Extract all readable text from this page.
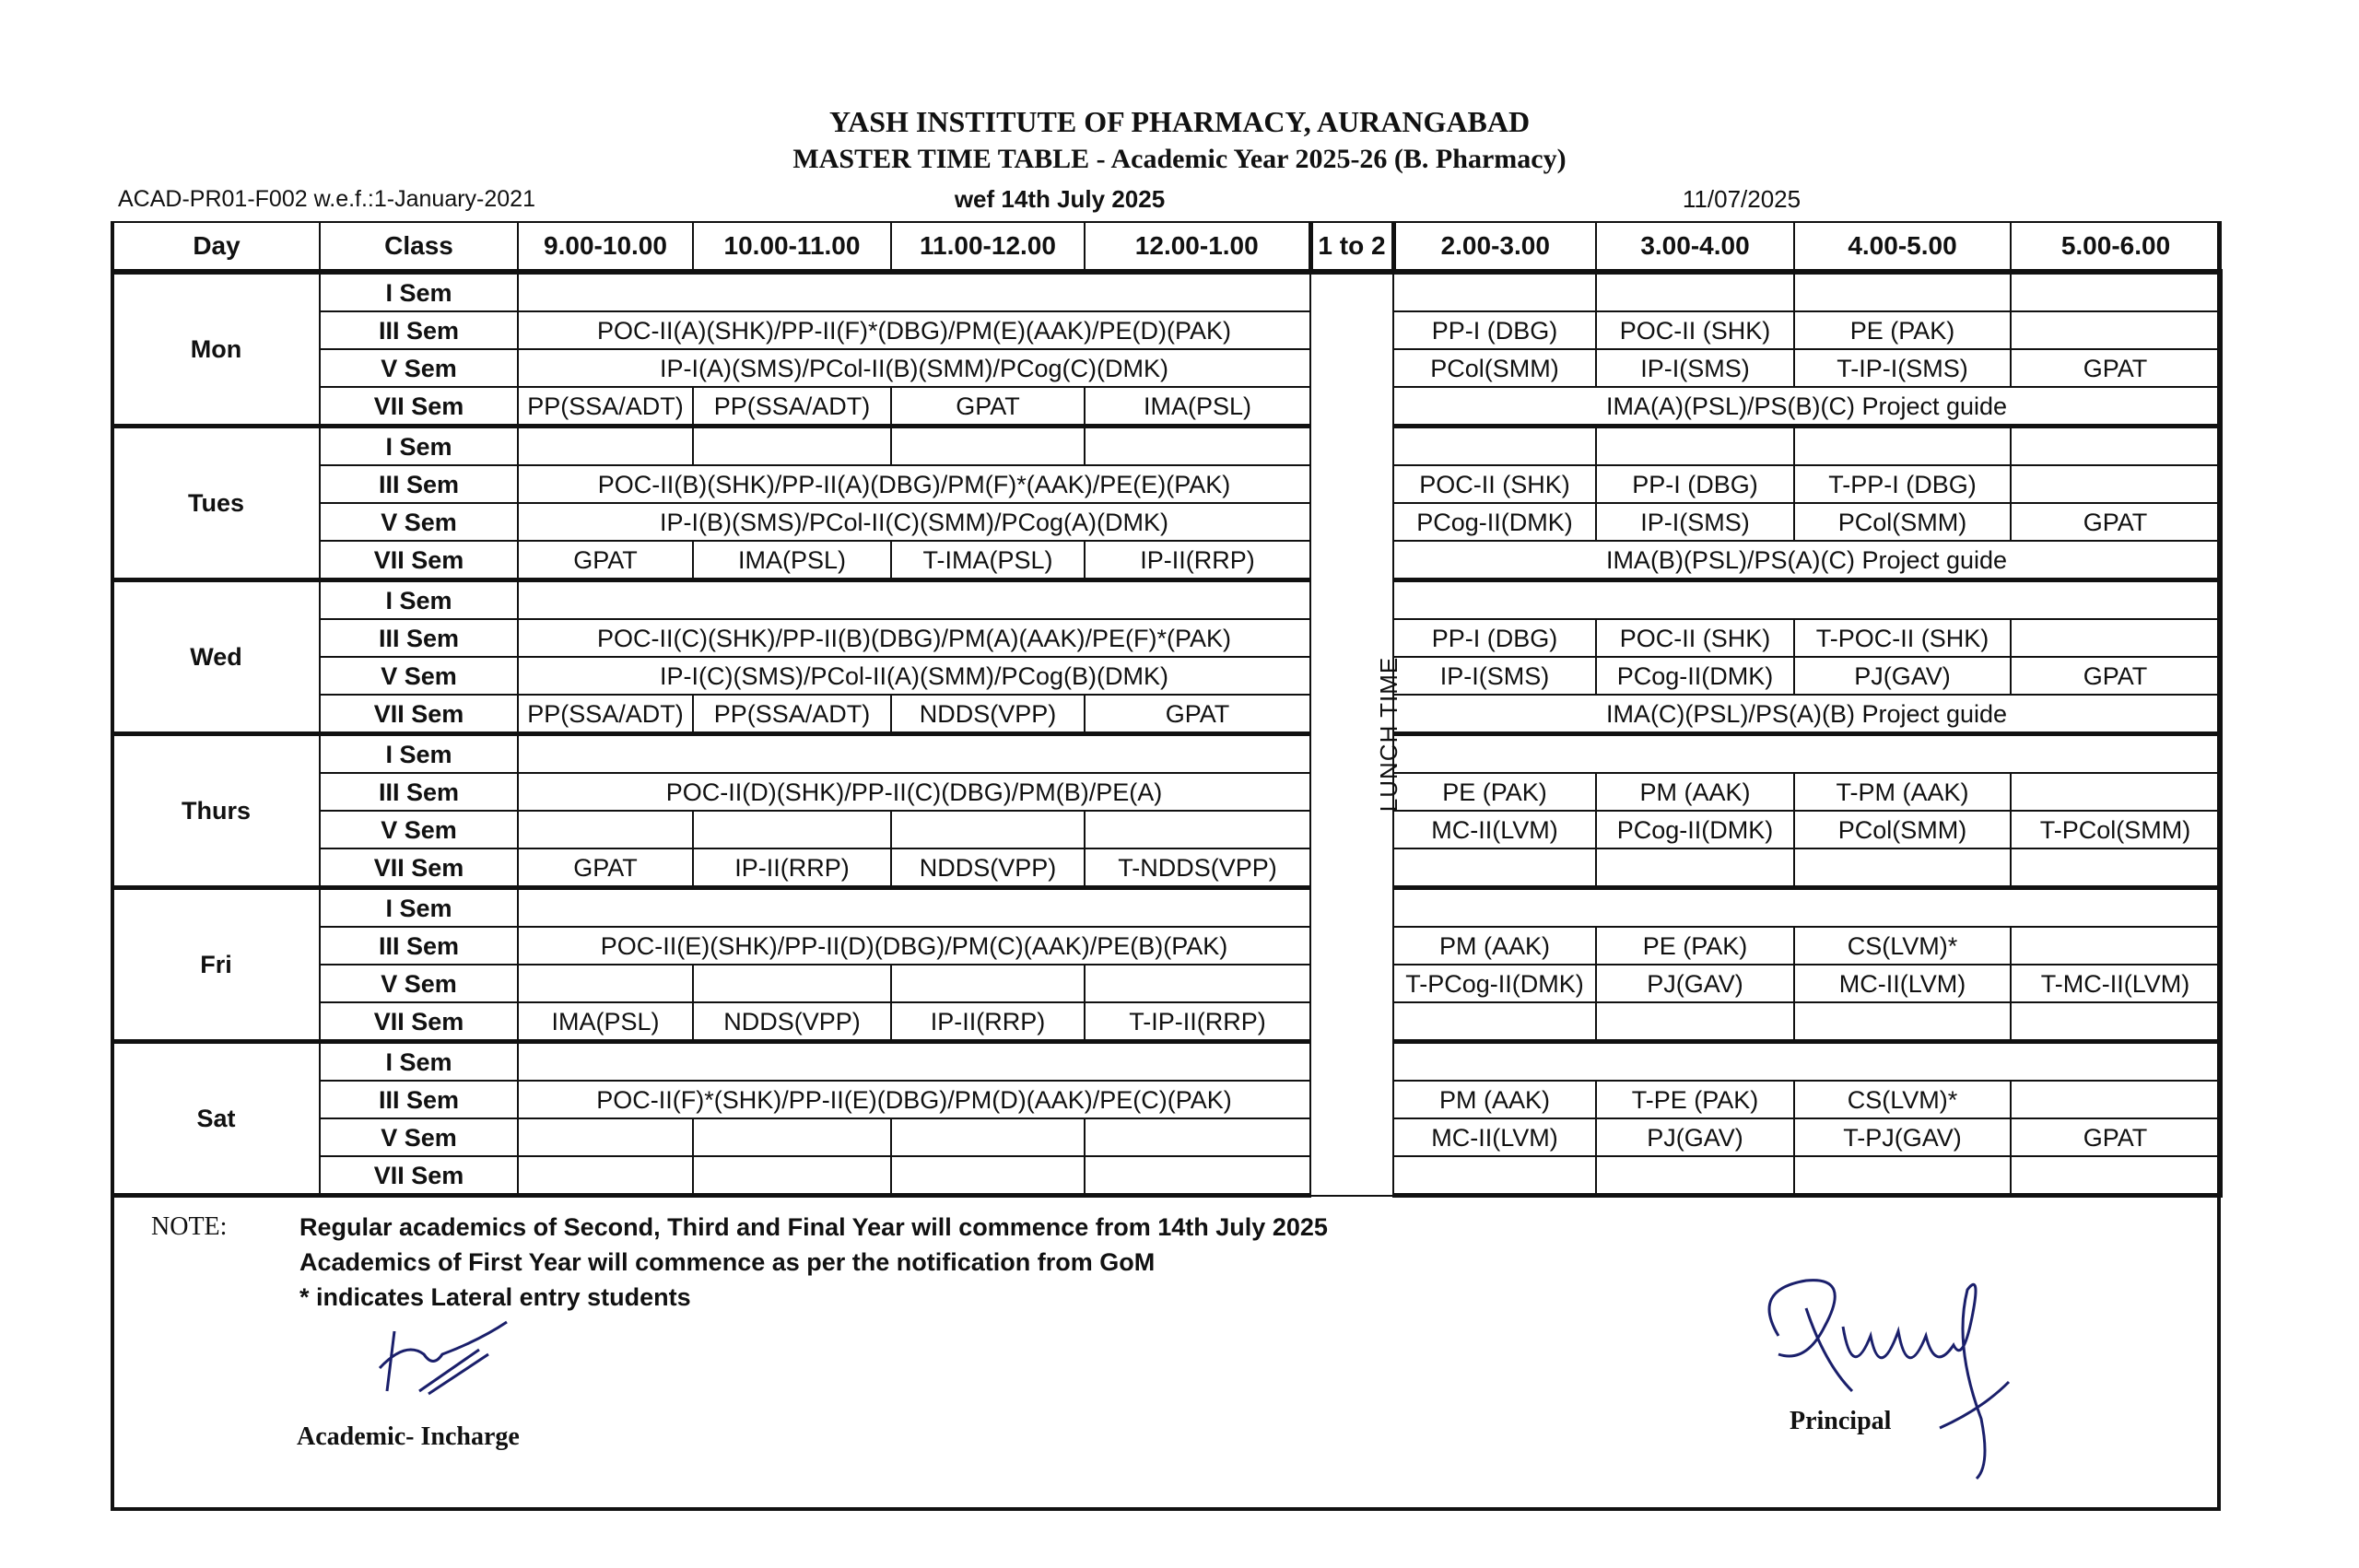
YASH INSTITUTE OF PHARMACY, AURANGABAD
MASTER TIME TABLE - Academic Year 2025-26 (B. Pharmacy)
ACAD-PR01-F002 w.e.f.:1-January-2021	wef 14th July 2025	11/07/2025
Day	Class	9.00-10.00	10.00-11.00	11.00-12.00	12.00-1.00	1 to 2	2.00-3.00	3.00-4.00	4.00-5.00	5.00-6.00
Mon	I Sem					LUNCH TIME				
	III Sem	POC-II(A)(SHK)/PP-II(F)*(DBG)/PM(E)(AAK)/PE(D)(PAK)					PP-I (DBG)	POC-II (SHK)	PE (PAK)	
	V Sem	IP-I(A)(SMS)/PCol-II(B)(SMM)/PCog(C)(DMK)					PCol(SMM)	IP-I(SMS)	T-IP-I(SMS)	GPAT
	VII Sem	PP(SSA/ADT)	PP(SSA/ADT)	GPAT	IMA(PSL)		IMA(A)(PSL)/PS(B)(C) Project guide			
Tues	I Sem									
	III Sem	POC-II(B)(SHK)/PP-II(A)(DBG)/PM(F)*(AAK)/PE(E)(PAK)					POC-II (SHK)	PP-I (DBG)	T-PP-I (DBG)	
	V Sem	IP-I(B)(SMS)/PCol-II(C)(SMM)/PCog(A)(DMK)					PCog-II(DMK)	IP-I(SMS)	PCol(SMM)	GPAT
	VII Sem	GPAT	IMA(PSL)	T-IMA(PSL)	IP-II(RRP)		IMA(B)(PSL)/PS(A)(C) Project guide			
Wed	I Sem									
	III Sem	POC-II(C)(SHK)/PP-II(B)(DBG)/PM(A)(AAK)/PE(F)*(PAK)					PP-I (DBG)	POC-II (SHK)	T-POC-II (SHK)	
	V Sem	IP-I(C)(SMS)/PCol-II(A)(SMM)/PCog(B)(DMK)					IP-I(SMS)	PCog-II(DMK)	PJ(GAV)	GPAT
	VII Sem	PP(SSA/ADT)	PP(SSA/ADT)	NDDS(VPP)	GPAT		IMA(C)(PSL)/PS(A)(B) Project guide			
Thurs	I Sem									
	III Sem	POC-II(D)(SHK)/PP-II(C)(DBG)/PM(B)/PE(A)					PE (PAK)	PM (AAK)	T-PM (AAK)	
	V Sem						MC-II(LVM)	PCog-II(DMK)	PCol(SMM)	T-PCol(SMM)
	VII Sem	GPAT	IP-II(RRP)	NDDS(VPP)	T-NDDS(VPP)					
Fri	I Sem									
	III Sem	POC-II(E)(SHK)/PP-II(D)(DBG)/PM(C)(AAK)/PE(B)(PAK)					PM (AAK)	PE (PAK)	CS(LVM)*	
	V Sem						T-PCog-II(DMK)	PJ(GAV)	MC-II(LVM)	T-MC-II(LVM)
	VII Sem	IMA(PSL)	NDDS(VPP)	IP-II(RRP)	T-IP-II(RRP)					
Sat	I Sem									
	III Sem	POC-II(F)*(SHK)/PP-II(E)(DBG)/PM(D)(AAK)/PE(C)(PAK)					PM (AAK)	T-PE (PAK)	CS(LVM)*	
	V Sem						MC-II(LVM)	PJ(GAV)	T-PJ(GAV)	GPAT
	VII Sem									
NOTE:	Regular academics of Second, Third and Final Year will commence from 14th July 2025
Academics of First Year will commence as per the notification from GoM
* indicates Lateral entry students
Academic- Incharge
Principal
